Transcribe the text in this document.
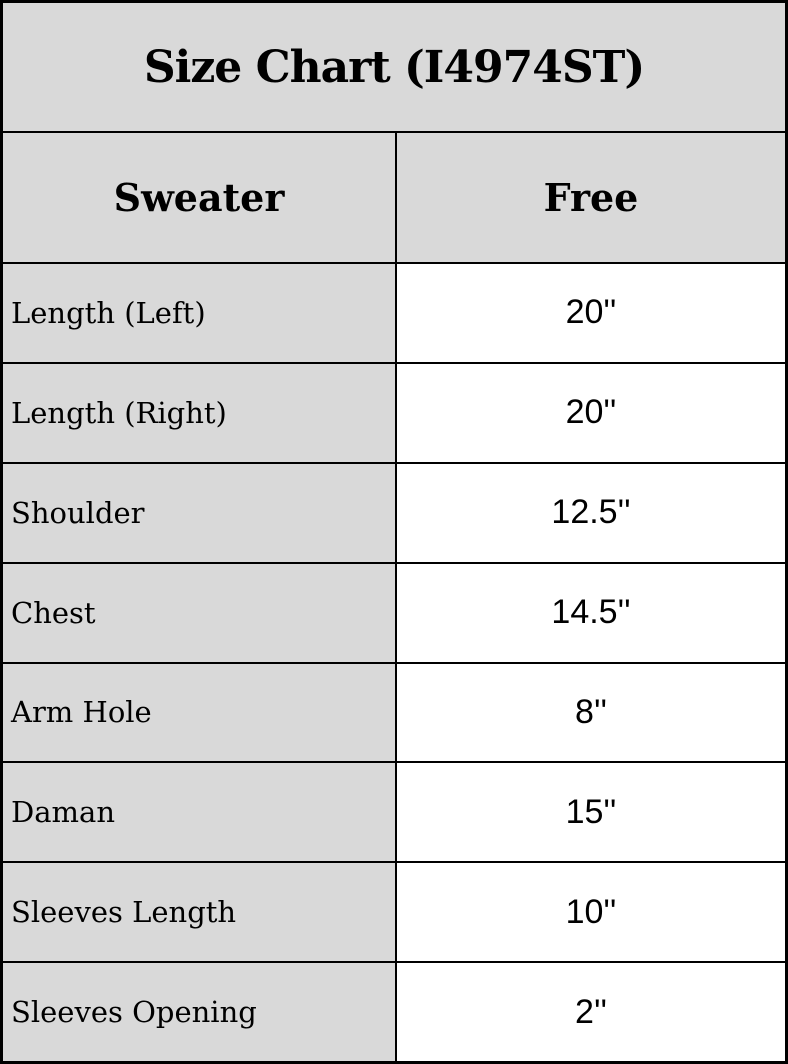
Size Chart (I4974ST)
Sweater	Free
Length (Left)	20''
Length (Right)	20''
Shoulder	12.5''
Chest	14.5''
Arm Hole	8''
Daman	15''
Sleeves Length	10''
Sleeves Opening	2''
